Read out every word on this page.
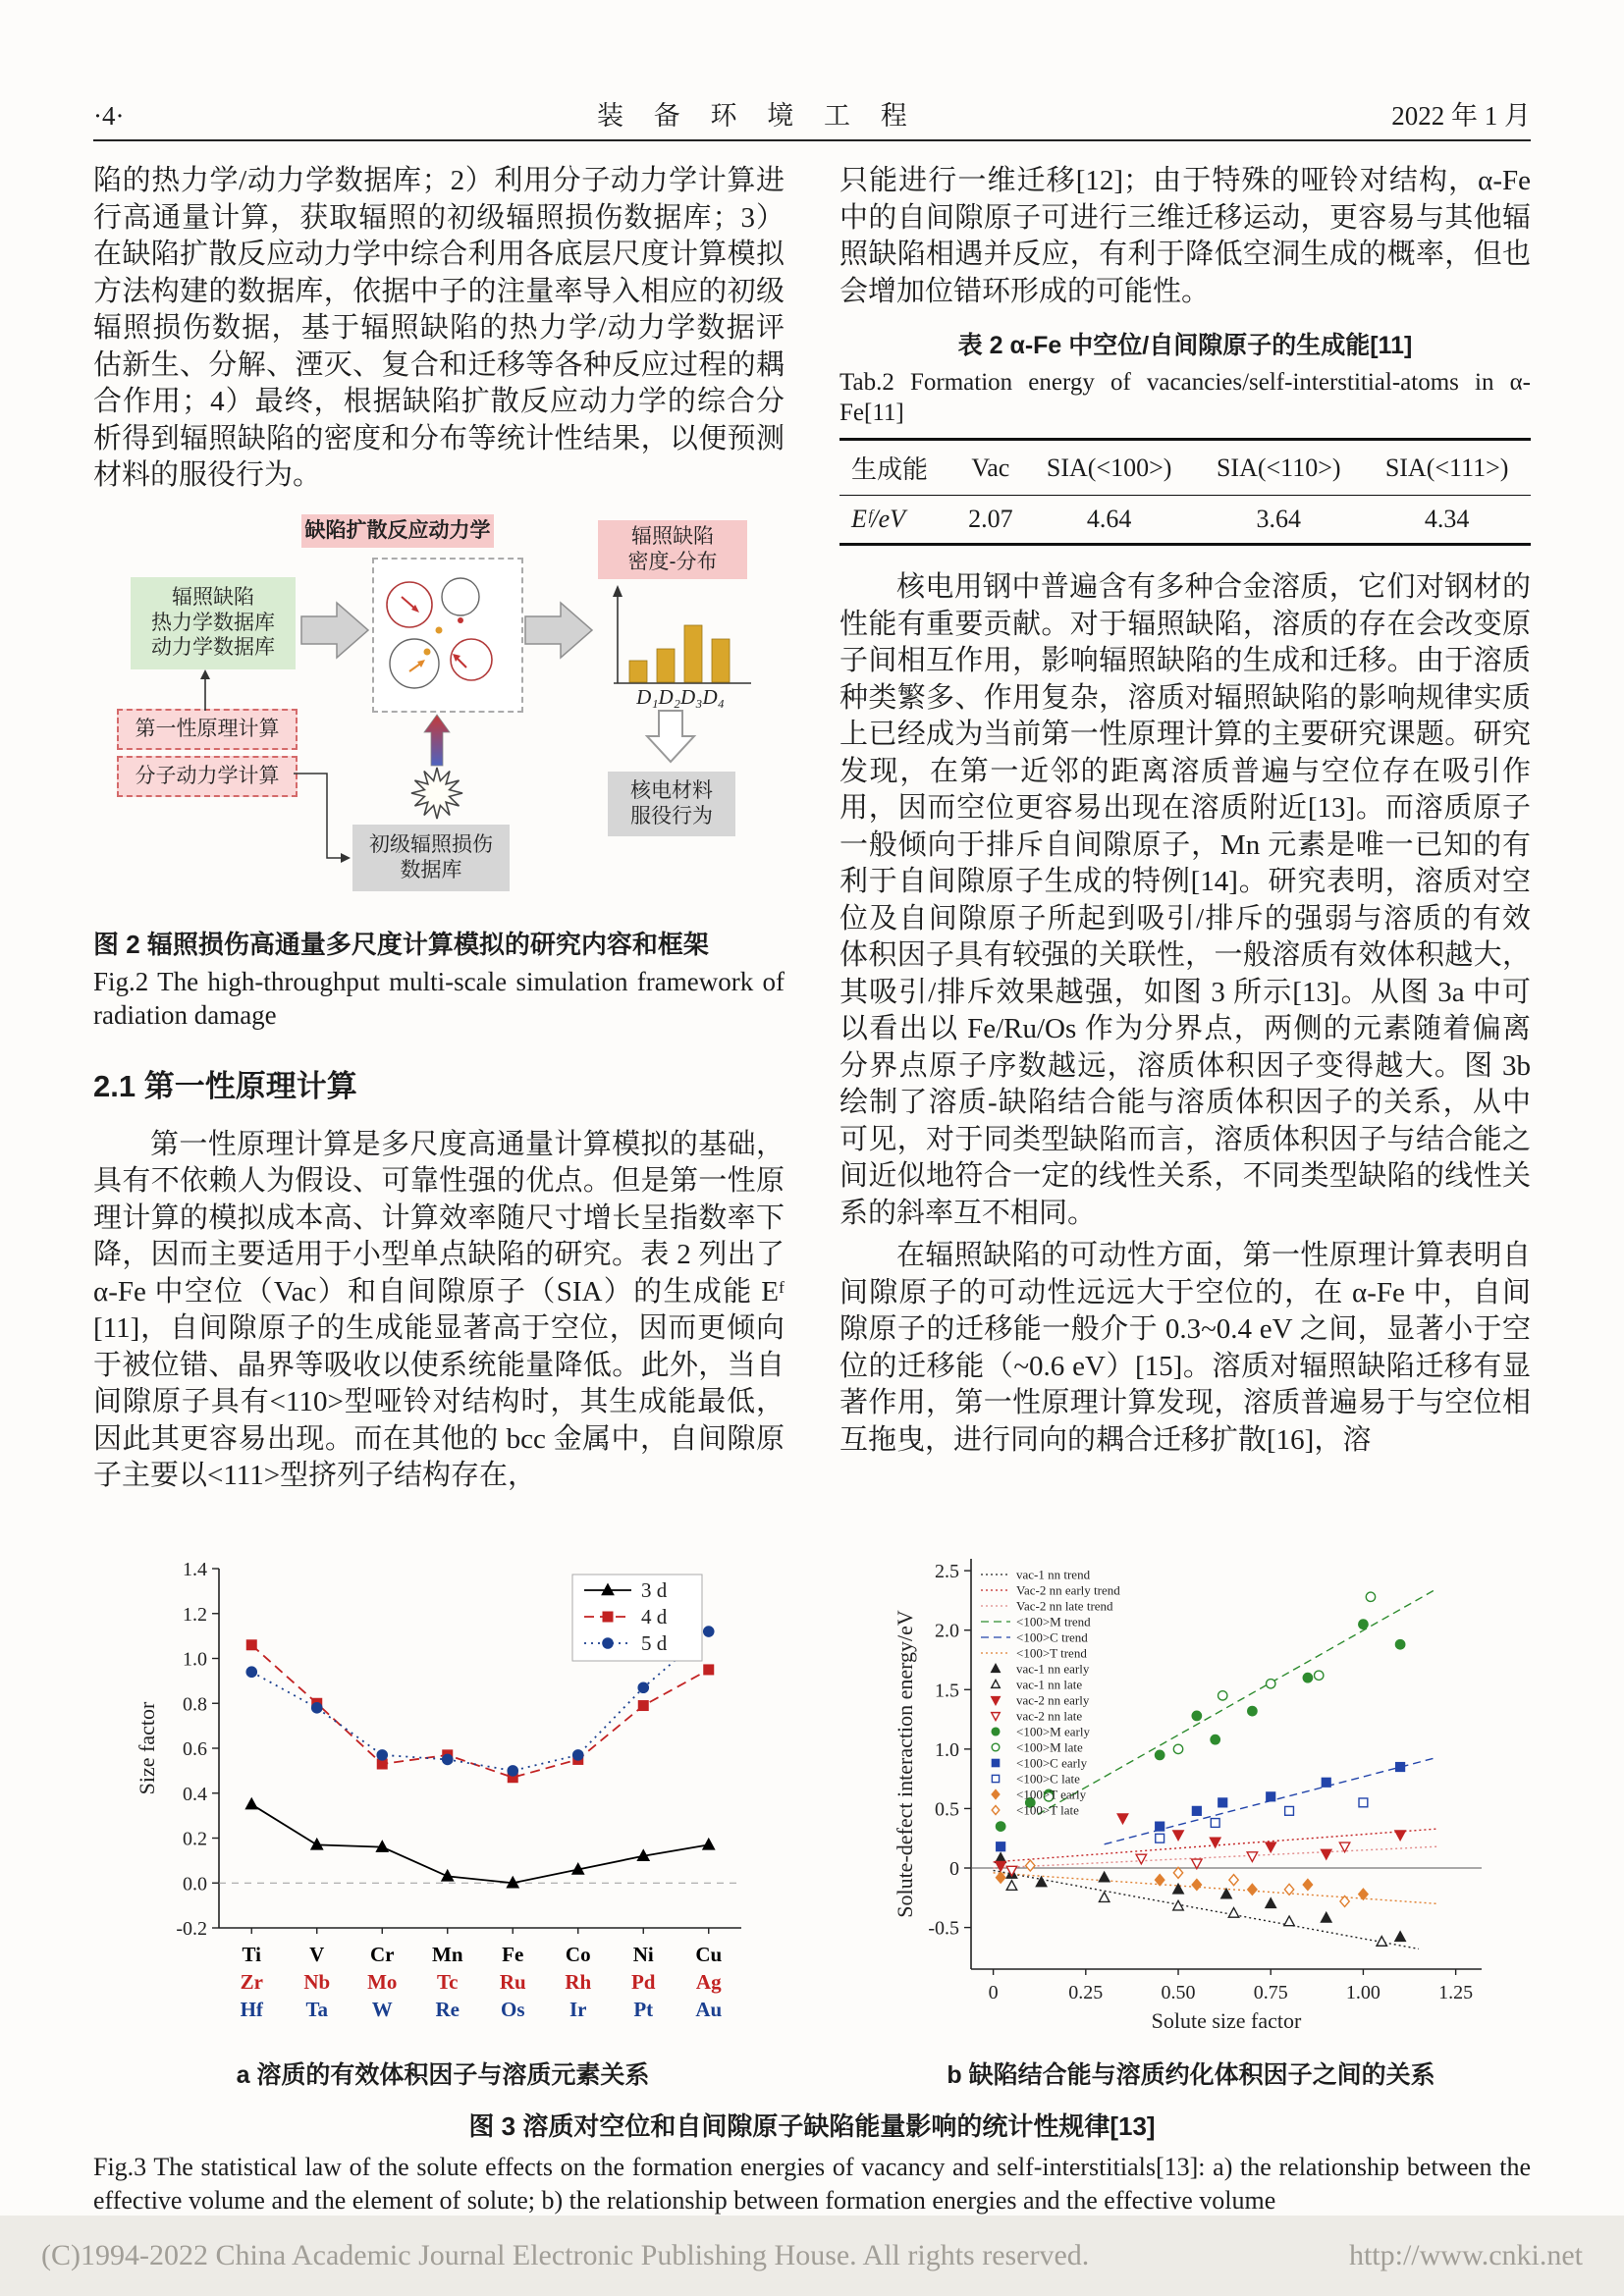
·4·	装 备 环 境 工 程	2022 年 1 月

陷的热力学/动力学数据库；2）利用分子动力学计算进行高通量计算，获取辐照的初级辐照损伤数据库；3）在缺陷扩散反应动力学中综合利用各底层尺度计算模拟方法构建的数据库，依据中子的注量率导入相应的初级辐照损伤数据，基于辐照缺陷的热力学/动力学数据评估新生、分解、湮灭、复合和迁移等各种反应过程的耦合作用；4）最终，根据缺陷扩散反应动力学的综合分析得到辐照缺陷的密度和分布等统计性结果，以便预测材料的服役行为。

缺陷扩散反应动力学
辐照缺陷
热力学数据库
动力学数据库
辐照缺陷
密度-分布
第一性原理计算
分子动力学计算
初级辐照损伤
数据库
核电材料
服役行为
D₁D₂D₃D₄
图 2 辐照损伤高通量多尺度计算模拟的研究内容和框架
Fig.2 The high-throughput multi-scale simulation framework of radiation damage
2.1 第一性原理计算

第一性原理计算是多尺度高通量计算模拟的基础，具有不依赖人为假设、可靠性强的优点。但是第一性原理计算的模拟成本高、计算效率随尺寸增长呈指数率下降，因而主要适用于小型单点缺陷的研究。表 2 列出了 α-Fe 中空位（Vac）和自间隙原子（SIA）的生成能 Eᶠ [11]，自间隙原子的生成能显著高于空位，因而更倾向于被位错、晶界等吸收以使系统能量降低。此外，当自间隙原子具有<110>型哑铃对结构时，其生成能最低，因此其更容易出现。而在其他的 bcc 金属中，自间隙原子主要以<111>型挤列子结构存在，

只能进行一维迁移[12]；由于特殊的哑铃对结构，α-Fe 中的自间隙原子可进行三维迁移运动，更容易与其他辐照缺陷相遇并反应，有利于降低空洞生成的概率，但也会增加位错环形成的可能性。

表 2 α-Fe 中空位/自间隙原子的生成能[11]
Tab.2 Formation energy of vacancies/self-interstitial-atoms in α-Fe[11]
生成能	Vac	SIA(<100>)	SIA(<110>)	SIA(<111>)
Eᶠ/eV	2.07	4.64	3.64	4.34

核电用钢中普遍含有多种合金溶质，它们对钢材的性能有重要贡献。对于辐照缺陷，溶质的存在会改变原子间相互作用，影响辐照缺陷的生成和迁移。由于溶质种类繁多、作用复杂，溶质对辐照缺陷的影响规律实质上已经成为当前第一性原理计算的主要研究课题。研究发现，在第一近邻的距离溶质普遍与空位存在吸引作用，因而空位更容易出现在溶质附近[13]。而溶质原子一般倾向于排斥自间隙原子，Mn 元素是唯一已知的有利于自间隙原子生成的特例[14]。研究表明，溶质对空位及自间隙原子所起到吸引/排斥的强弱与溶质的有效体积因子具有较强的关联性，一般溶质有效体积越大，其吸引/排斥效果越强，如图 3 所示[13]。从图 3a 中可以看出以 Fe/Ru/Os 作为分界点，两侧的元素随着偏离分界点原子序数越远，溶质体积因子变得越大。图 3b 绘制了溶质-缺陷结合能与溶质体积因子的关系，从中可见，对于同类型缺陷而言，溶质体积因子与结合能之间近似地符合一定的线性关系，不同类型缺陷的线性关系的斜率互不相同。

在辐照缺陷的可动性方面，第一性原理计算表明自间隙原子的可动性远远大于空位的，在 α-Fe 中，自间隙原子的迁移能一般介于 0.3~0.4 eV 之间，显著小于空位的迁移能（~0.6 eV）[15]。溶质对辐照缺陷迁移有显著作用，第一性原理计算发现，溶质普遍易于与空位相互拖曳，进行同向的耦合迁移扩散[16]，溶

-0.2
0.0
0.2
0.4
0.6
0.8
1.0
1.2
1.4
Ti V Cr Mn Fe Co Ni Cu
Zr Nb Mo Tc Ru Rh Pd Ag
Hf Ta W Re Os Ir Pt Au
3 d
4 d
5 d
Size factor
a 溶质的有效体积因子与溶质元素关系
-0.5
0
0.5
1.0
1.5
2.0
2.5
0	0.25	0.50	0.75	1.00	1.25
vac-1 nn trend
Vac-2 nn early trend
Vac-2 nn late trend
<100>M trend
<100>C trend
<100>T trend
vac-1 nn early
vac-1 nn late
vac-2 nn early
vac-2 nn late
<100>M early
<100>M late
<100>C early
<100>C late
<100>T early
<100>T late
Solute-defect interaction energy/eV
Solute size factor
b 缺陷结合能与溶质约化体积因子之间的关系
图 3 溶质对空位和自间隙原子缺陷能量影响的统计性规律[13]
Fig.3 The statistical law of the solute effects on the formation energies of vacancy and self-interstitials[13]: a) the relationship between the effective volume and the element of solute; b) the relationship between formation energies and the effective volume
(C)1994-2022 China Academic Journal Electronic Publishing House. All rights reserved.	http://www.cnki.net
